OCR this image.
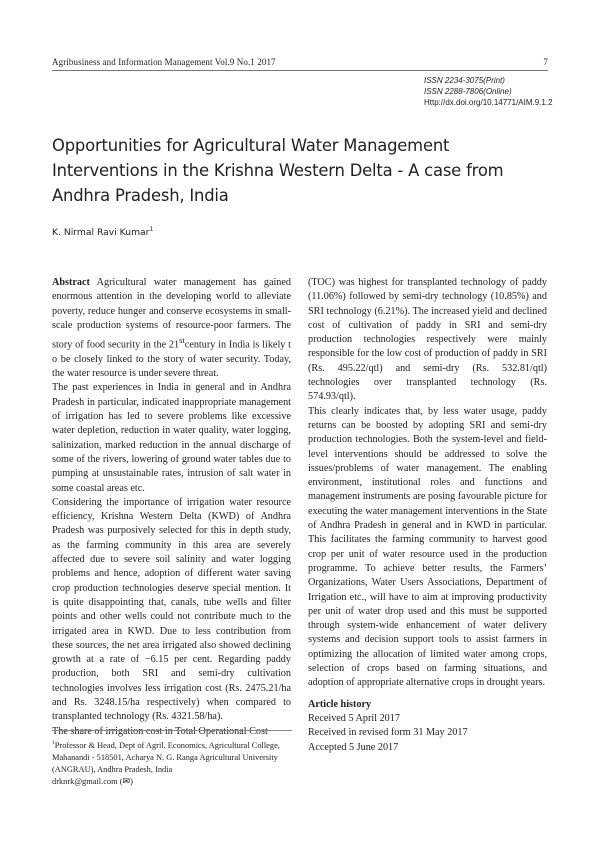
Agribusiness and Information Management Vol.9 No.1 2017	7
ISSN 2234-3075(Print)
ISSN 2288-7806(Online)
Http://dx.doi.org/10.14771/AIM.9.1.2
Opportunities for Agricultural Water Management Interventions in the Krishna Western Delta - A case from Andhra Pradesh, India
K. Nirmal Ravi Kumar$^1$

Abstract Agricultural water management has gained enormous attention in the developing world to alleviate poverty, reduce hunger and conserve ecosystems in small-scale production systems of resource-poor farmers. The story of food security in the 21stcentury in India is likely t o be closely linked to the story of water security. Today, the water resource is under severe threat.

The past experiences in India in general and in Andhra Pradesh in particular, indicated inappropriate management of irrigation has led to severe problems like excessive water depletion, reduction in water quality, water logging, salinization, marked reduction in the annual discharge of some of the rivers, lowering of ground water tables due to pumping at unsustainable rates, intrusion of salt water in some coastal areas etc.

Considering the importance of irrigation water resource efficiency, Krishna Western Delta (KWD) of Andhra Pradesh was purposively selected for this in depth study, as the farming community in this area are severely affected due to severe soil salinity and water logging problems and hence, adoption of different water saving crop production technologies deserve special mention. It is quite disappointing that, canals, tube wells and filter points and other wells could not contribute much to the irrigated area in KWD. Due to less contribution from these sources, the net area irrigated also showed declining growth at a rate of −6.15 per cent. Regarding paddy production, both SRI and semi-dry cultivation technologies involves less irrigation cost (Rs. 2475.21/ha and Rs. 3248.15/ha respectively) when compared to transplanted technology (Rs. 4321.58/ha).

The share of irrigation cost in Total Operational Cost

(TOC) was highest for transplanted technology of paddy (11.06%) followed by semi-dry technology (10.85%) and SRI technology (6.21%). The increased yield and declined cost of cultivation of paddy in SRI and semi-dry production technologies respectively were mainly responsible for the low cost of production of paddy in SRI (Rs. 495.22/qtl) and semi-dry (Rs. 532.81/qtl) technologies over transplanted technology (Rs. 574.93/qtl).

This clearly indicates that, by less water usage, paddy returns can be boosted by adopting SRI and semi-dry production technologies. Both the system-level and field-level interventions should be addressed to solve the issues/problems of water management. The enabling environment, institutional roles and functions and management instruments are posing favourable picture for executing the water management interventions in the State of Andhra Pradesh in general and in KWD in particular. This facilitates the farming community to harvest good crop per unit of water resource used in the production programme. To achieve better results, the Farmers’ Organizations, Water Users Associations, Department of Irrigation etc., will have to aim at improving productivity per unit of water drop used and this must be supported through system-wide enhancement of water delivery systems and decision support tools to assist farmers in optimizing the allocation of limited water among crops, selection of crops based on farming situations, and adoption of appropriate alternative crops in drought years.

Article history
Received 5 April 2017
Received in revised form 31 May 2017
Accepted 5 June 2017

$^1$Professor & Head, Dept of Agril. Economics, Agricultural College, Mahanandi - 518501, Acharya N. G. Ranga Agricultural University (ANGRAU), Andhra Pradesh, India

drknrk@gmail.com (✉)
